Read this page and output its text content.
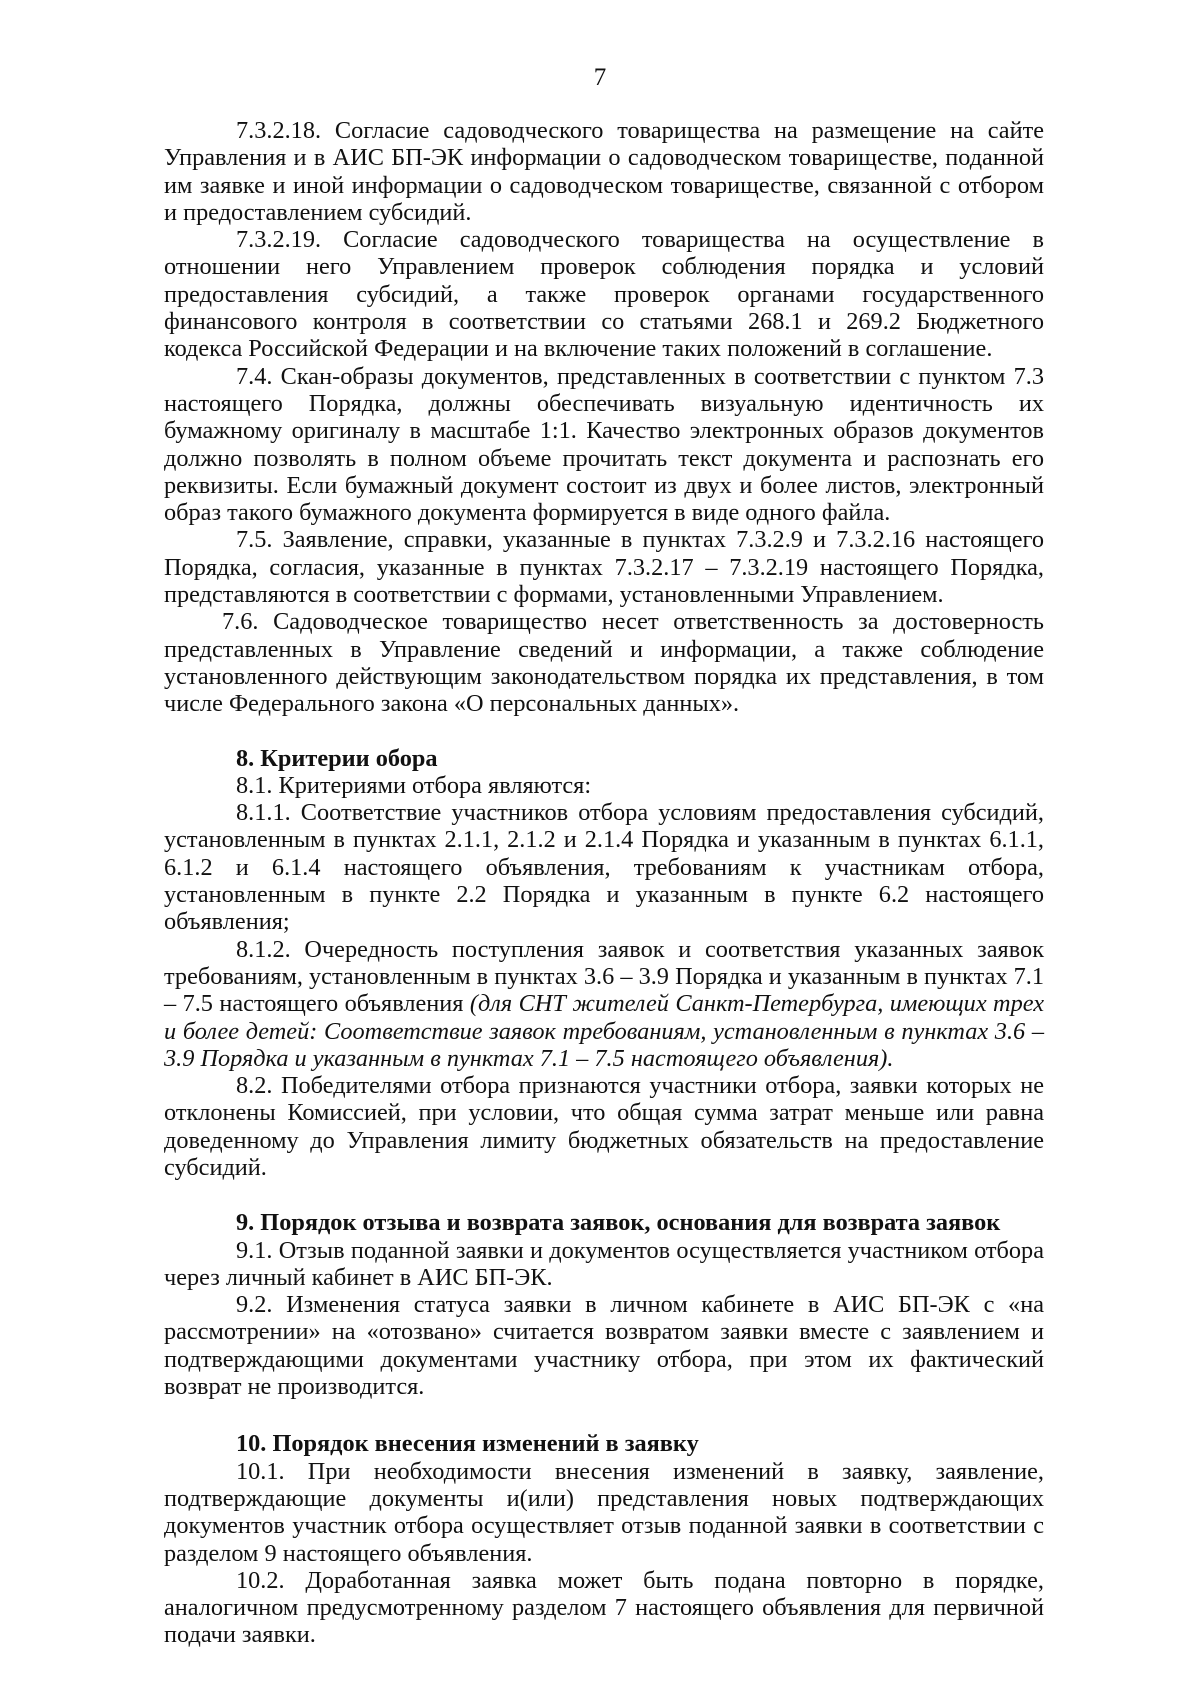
7

7.3.2.18. Согласие садоводческого товарищества на размещение на сайте Управления и в АИС БП-ЭК информации о садоводческом товариществе, поданной им заявке и иной информации о садоводческом товариществе, связанной с отбором и предоставлением субсидий.

7.3.2.19. Согласие садоводческого товарищества на осуществление в отношении него Управлением проверок соблюдения порядка и условий предоставления субсидий, а также проверок органами государственного финансового контроля в соответствии со статьями 268.1 и 269.2 Бюджетного кодекса Российской Федерации и на включение таких положений в соглашение.

7.4. Скан-образы документов, представленных в соответствии с пунктом 7.3 настоящего Порядка, должны обеспечивать визуальную идентичность их бумажному оригиналу в масштабе 1:1. Качество электронных образов документов должно позволять в полном объеме прочитать текст документа и распознать его реквизиты. Если бумажный документ состоит из двух и более листов, электронный образ такого бумажного документа формируется в виде одного файла.

7.5. Заявление, справки, указанные в пунктах 7.3.2.9 и 7.3.2.16 настоящего Порядка, согласия, указанные в пунктах 7.3.2.17 – 7.3.2.19 настоящего Порядка, представляются в соответствии с формами, установленными Управлением.

7.6. Садоводческое товарищество несет ответственность за достоверность представленных в Управление сведений и информации, а также соблюдение установленного действующим законодательством порядка их представления, в том числе Федерального закона «О персональных данных».

8. Критерии обора

8.1. Критериями отбора являются:

8.1.1. Соответствие участников отбора условиям предоставления субсидий, установленным в пунктах 2.1.1, 2.1.2 и 2.1.4 Порядка и указанным в пунктах 6.1.1, 6.1.2 и 6.1.4 настоящего объявления, требованиям к участникам отбора, установленным в пункте 2.2 Порядка и указанным в пункте 6.2 настоящего объявления;

8.1.2. Очередность поступления заявок и соответствия указанных заявок требованиям, установленным в пунктах 3.6 – 3.9 Порядка и указанным в пунктах 7.1 – 7.5 настоящего объявления (для СНТ жителей Санкт-Петербурга, имеющих трех и более детей: Соответствие заявок требованиям, установленным в пунктах 3.6 – 3.9 Порядка и указанным в пунктах 7.1 – 7.5 настоящего объявления).

8.2. Победителями отбора признаются участники отбора, заявки которых не отклонены Комиссией, при условии, что общая сумма затрат меньше или равна доведенному до Управления лимиту бюджетных обязательств на предоставление субсидий.

9. Порядок отзыва и возврата заявок, основания для возврата заявок

9.1. Отзыв поданной заявки и документов осуществляется участником отбора через личный кабинет в АИС БП-ЭК.

9.2. Изменения статуса заявки в личном кабинете в АИС БП-ЭК с «на рассмотрении» на «отозвано» считается возвратом заявки вместе с заявлением и подтверждающими документами участнику отбора, при этом их фактический возврат не производится.

10. Порядок внесения изменений в заявку

10.1. При необходимости внесения изменений в заявку, заявление, подтверждающие документы и(или) представления новых подтверждающих документов участник отбора осуществляет отзыв поданной заявки в соответствии с разделом 9 настоящего объявления.

10.2. Доработанная заявка может быть подана повторно в порядке, аналогичном предусмотренному разделом 7 настоящего объявления для первичной подачи заявки.
